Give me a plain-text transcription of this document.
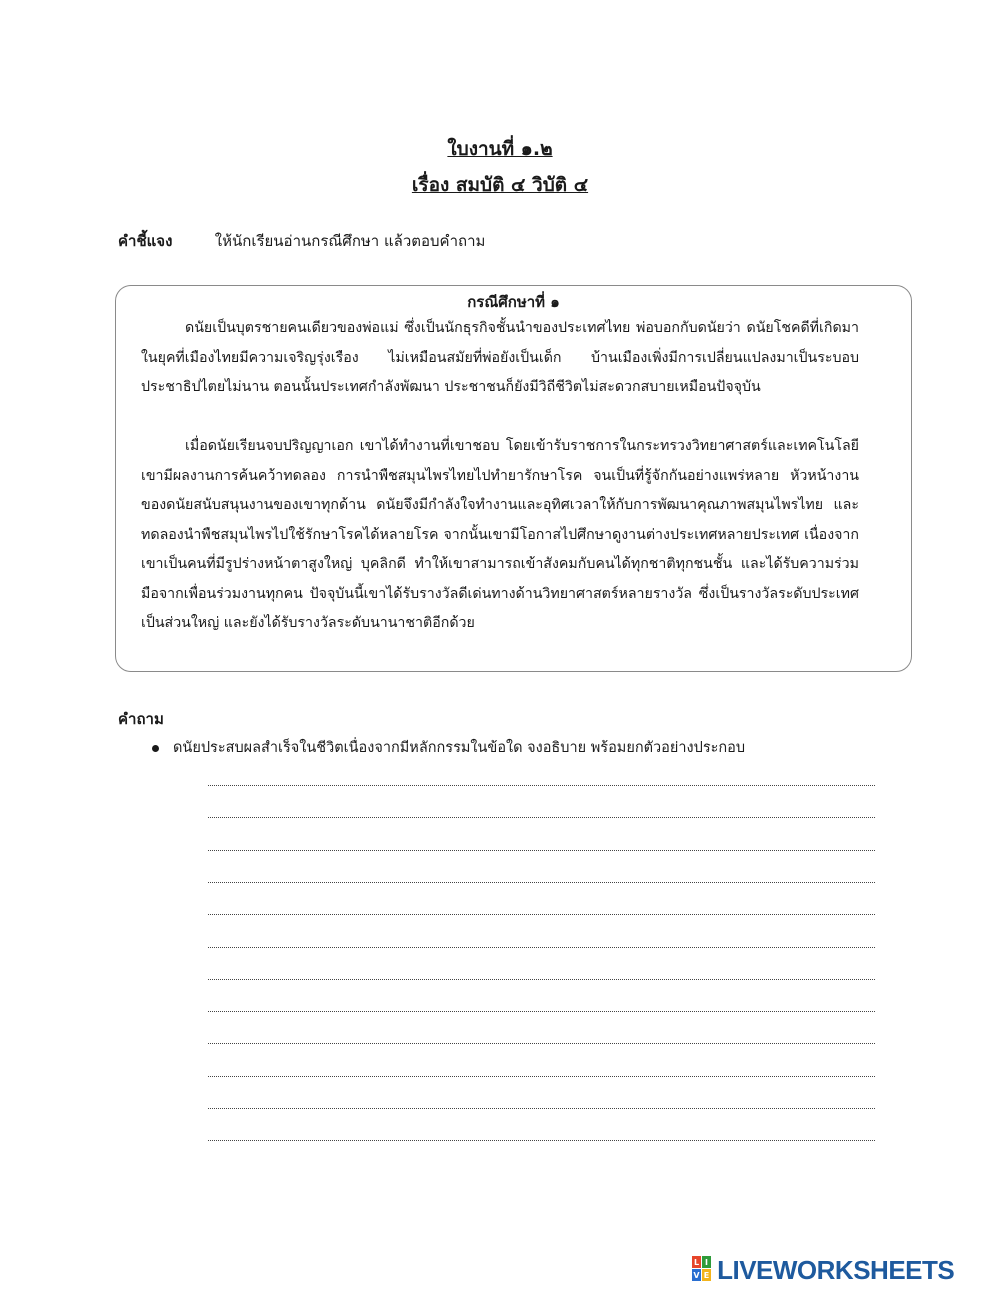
ใบงานที่ ๑.๒
เรื่อง สมบัติ ๔ วิบัติ ๔
คำชี้แจง	ให้นักเรียนอ่านกรณีศึกษา แล้วตอบคำถาม
กรณีศึกษาที่ ๑

ดนัยเป็นบุตรชายคนเดียวของพ่อแม่ ซึ่งเป็นนักธุรกิจชั้นนำของประเทศไทย พ่อบอกกับดนัยว่า ดนัยโชคดีที่เกิดมาในยุคที่เมืองไทยมีความเจริญรุ่งเรือง ไม่เหมือนสมัยที่พ่อยังเป็นเด็ก บ้านเมืองเพิ่งมีการเปลี่ยนแปลงมาเป็นระบอบประชาธิปไตยไม่นาน ตอนนั้นประเทศกำลังพัฒนา ประชาชนก็ยังมีวิถีชีวิตไม่สะดวกสบายเหมือนปัจจุบัน

เมื่อดนัยเรียนจบปริญญาเอก เขาได้ทำงานที่เขาชอบ โดยเข้ารับราชการในกระทรวงวิทยาศาสตร์และเทคโนโลยี เขามีผลงานการค้นคว้าทดลอง การนำพืชสมุนไพรไทยไปทำยารักษาโรค จนเป็นที่รู้จักกันอย่างแพร่หลาย หัวหน้างานของดนัยสนับสนุนงานของเขาทุกด้าน ดนัยจึงมีกำลังใจทำงานและอุทิศเวลาให้กับการพัฒนาคุณภาพสมุนไพรไทย และทดลองนำพืชสมุนไพรไปใช้รักษาโรคได้หลายโรค จากนั้นเขามีโอกาสไปศึกษาดูงานต่างประเทศหลายประเทศ เนื่องจากเขาเป็นคนที่มีรูปร่างหน้าตาสูงใหญ่ บุคลิกดี ทำให้เขาสามารถเข้าสังคมกับคนได้ทุกชาติทุกชนชั้น และได้รับความร่วมมือจากเพื่อนร่วมงานทุกคน ปัจจุบันนี้เขาได้รับรางวัลดีเด่นทางด้านวิทยาศาสตร์หลายรางวัล ซึ่งเป็นรางวัลระดับประเทศเป็นส่วนใหญ่ และยังได้รับรางวัลระดับนานาชาติอีกด้วย

คำถาม
ดนัยประสบผลสำเร็จในชีวิตเนื่องจากมีหลักกรรมในข้อใด จงอธิบาย พร้อมยกตัวอย่างประกอบ
L I
V E LIVEWORKSHEETS
